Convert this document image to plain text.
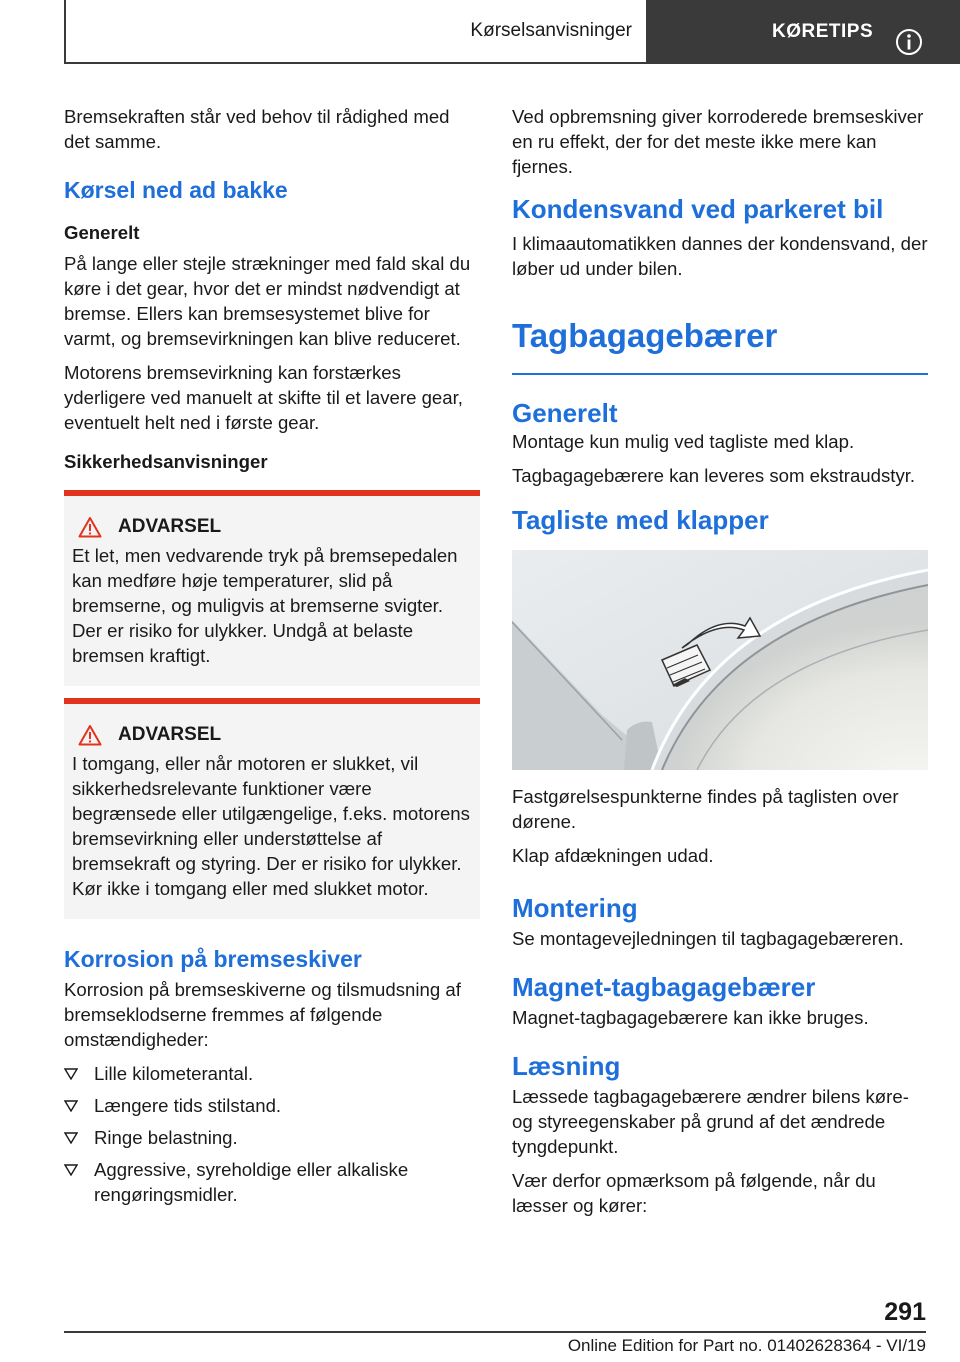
Kørselsanvisninger	KØRETIPS

Bremsekraften står ved behov til rådighed med det samme.

Kørsel ned ad bakke
Generelt

På lange eller stejle strækninger med fald skal du køre i det gear, hvor det er mindst nødvendigt at bremse. Ellers kan bremsesystemet blive for varmt, og bremsevirkningen kan blive reduceret.

Motorens bremsevirkning kan forstærkes yderligere ved manuelt at skifte til et lavere gear, eventuelt helt ned i første gear.

Sikkerhedsanvisninger
ADVARSEL

Et let, men vedvarende tryk på bremsepedalen kan medføre høje temperaturer, slid på bremserne, og muligvis at bremserne svigter. Der er risiko for ulykker. Undgå at belaste bremsen kraftigt.

ADVARSEL

I tomgang, eller når motoren er slukket, vil sikkerhedsrelevante funktioner være begrænsede eller utilgængelige, f.eks. motorens bremsevirkning eller understøttelse af bremsekraft og styring. Der er risiko for ulykker. Kør ikke i tomgang eller med slukket motor.

Korrosion på bremseskiver

Korrosion på bremseskiverne og tilsmudsning af bremseklodserne fremmes af følgende omstændigheder:

Lille kilometerantal.
Længere tids stilstand.
Ringe belastning.
Aggressive, syreholdige eller alkaliske rengøringsmidler.

Ved opbremsning giver korroderede bremseskiver en ru effekt, der for det meste ikke mere kan fjernes.

Kondensvand ved parkeret bil

I klimaautomatikken dannes der kondensvand, der løber ud under bilen.

Tagbagagebærer
Generelt

Montage kun mulig ved tagliste med klap.

Tagbagagebærere kan leveres som ekstraudstyr.

Tagliste med klapper

Fastgørelsespunkterne findes på taglisten over dørene.

Klap afdækningen udad.

Montering

Se montagevejledningen til tagbagagebæreren.

Magnet-tagbagagebærer

Magnet-tagbagagebærere kan ikke bruges.

Læsning

Læssede tagbagagebærere ændrer bilens køre- og styreegenskaber på grund af det ændrede tyngdepunkt.

Vær derfor opmærksom på følgende, når du læsser og kører:

291
Online Edition for Part no. 01402628364 - VI/19
